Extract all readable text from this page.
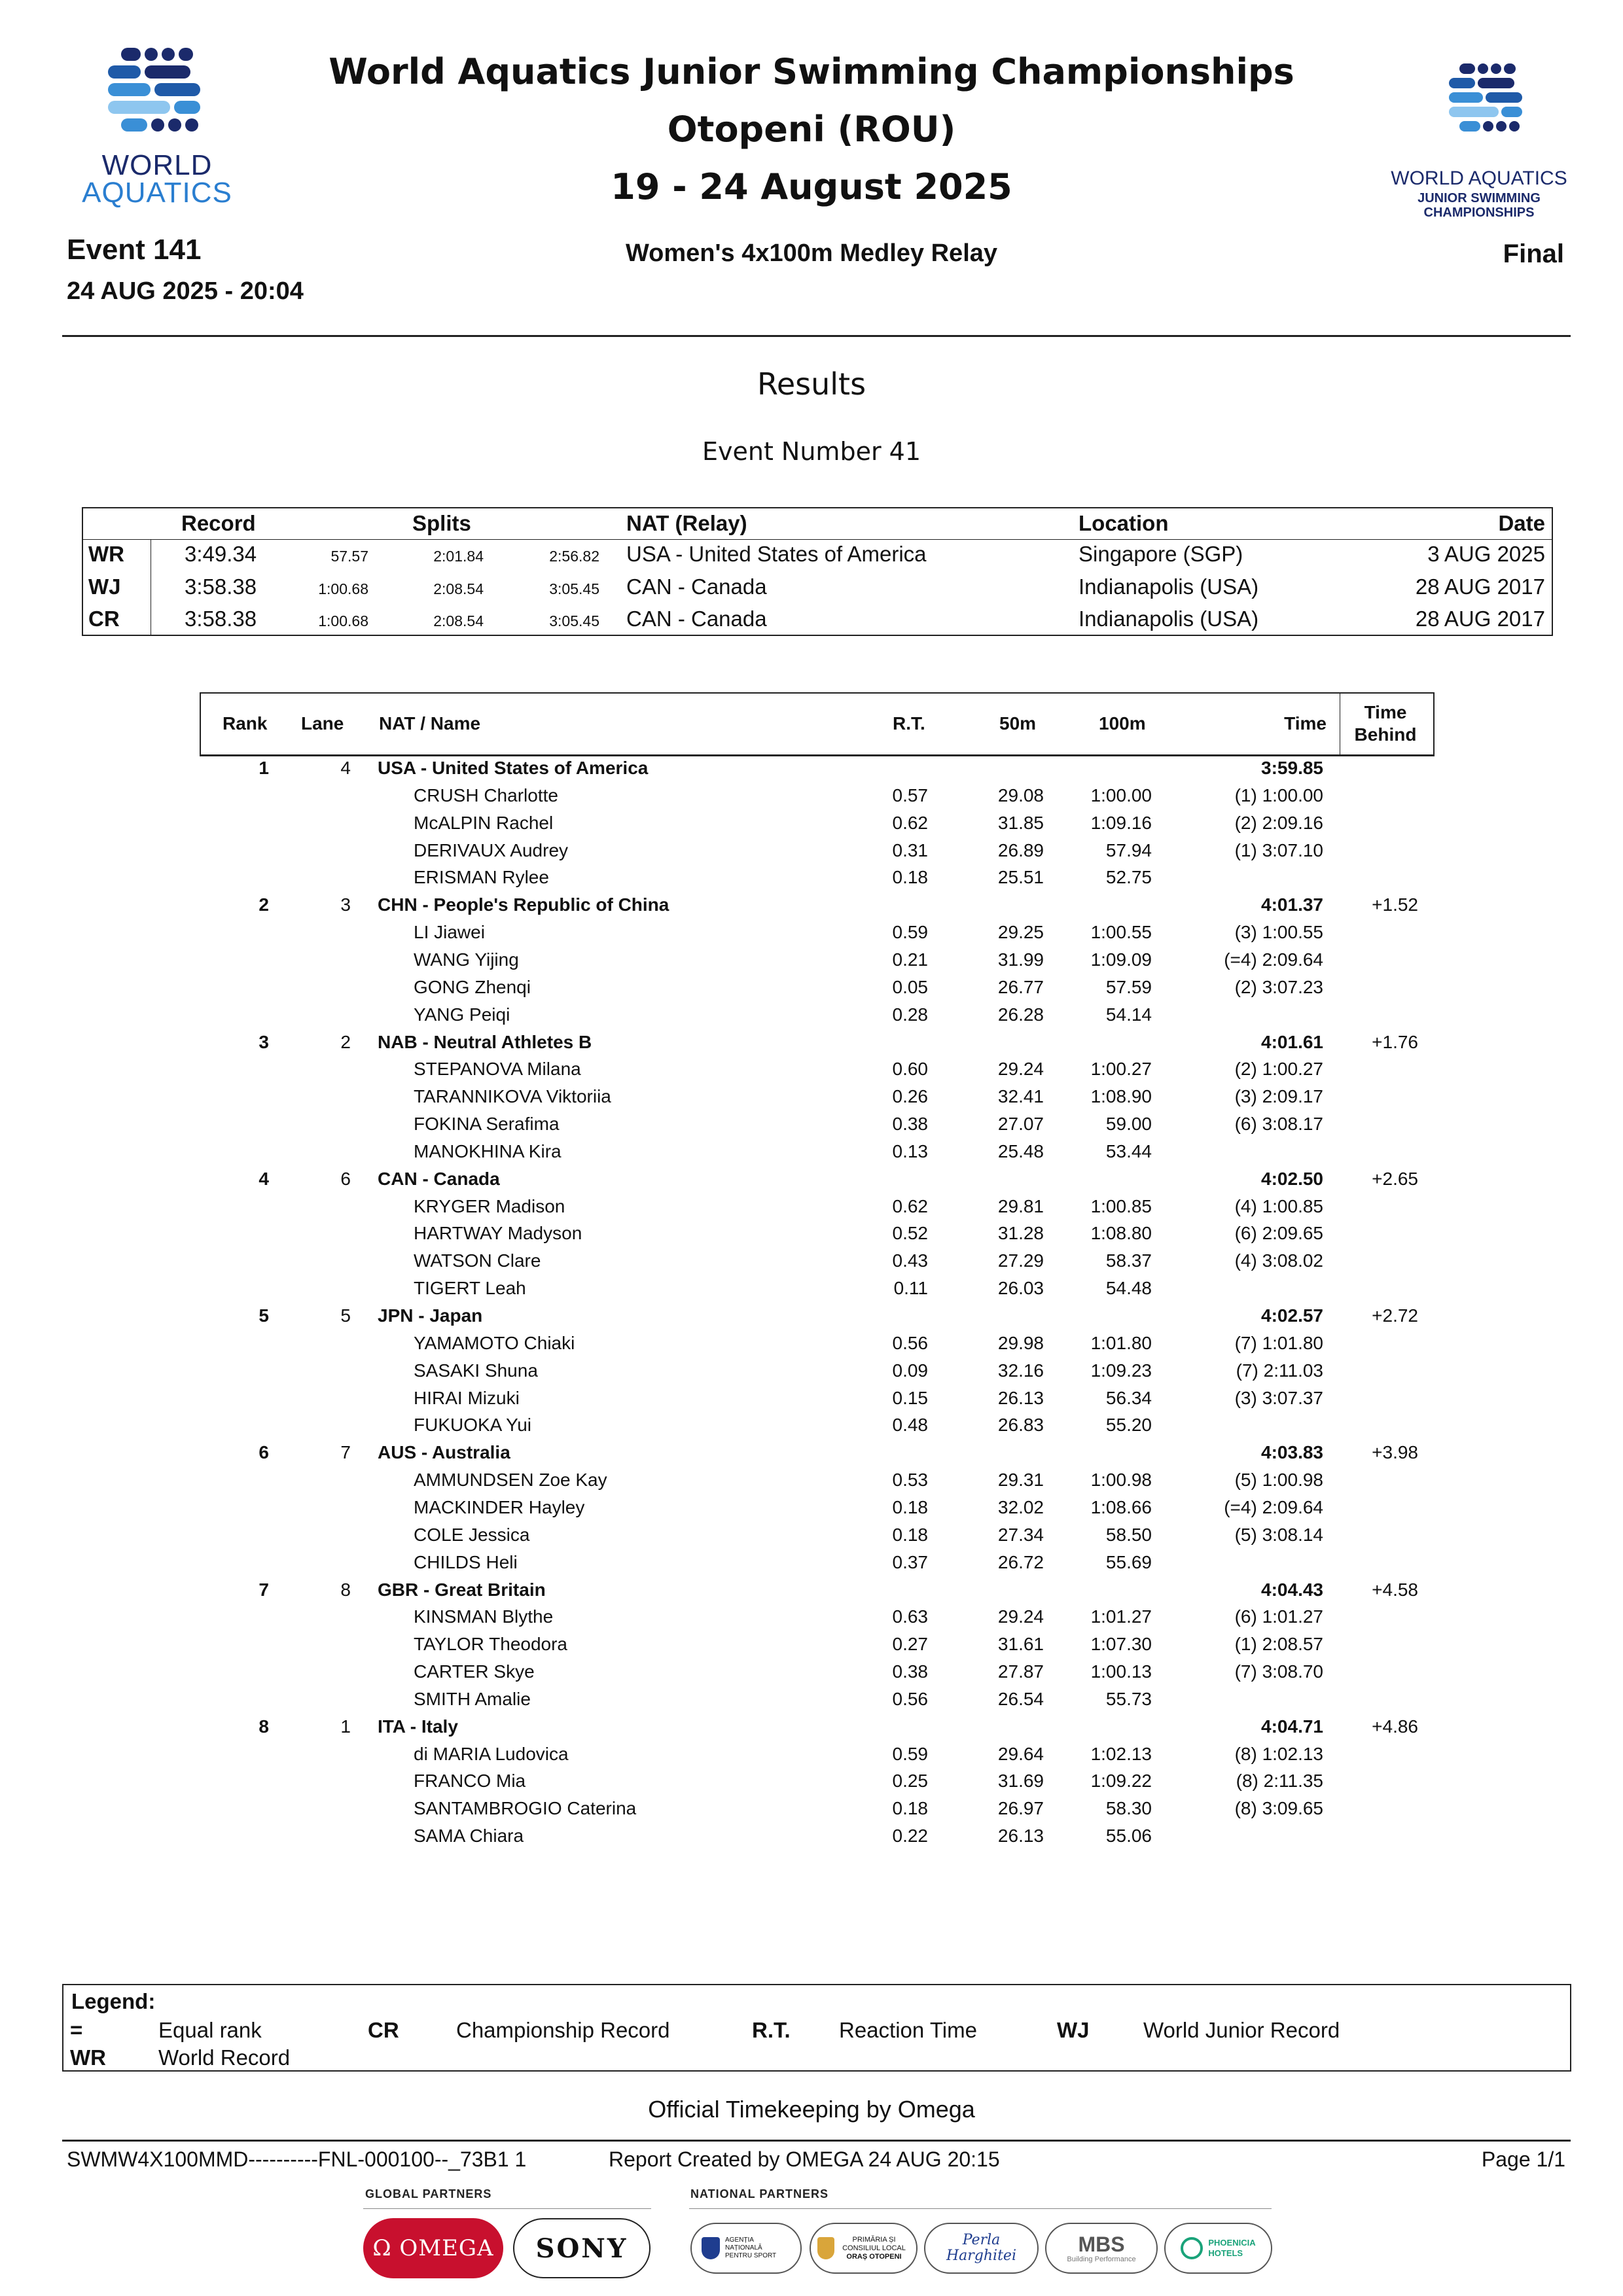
WORLD
AQUATICS	WORLD AQUATICS
JUNIOR SWIMMING
CHAMPIONSHIPS
World Aquatics Junior Swimming Championships
Otopeni (ROU)
19 - 24 August 2025
Event 141
24 AUG 2025 - 20:04
Women's 4x100m Medley Relay	Final
Results
Event Number 41
Record	Splits	NAT (Relay)	Location	Date
WR	3:49.34	57.57	2:01.84	2:56.82 USA - United States of America	Singapore (SGP)	3 AUG 2025
WJ	3:58.38	1:00.68	2:08.54	3:05.45 CAN - Canada	Indianapolis (USA)	28 AUG 2017
CR	3:58.38	1:00.68	2:08.54	3:05.45 CAN - Canada	Indianapolis (USA)	28 AUG 2017
Rank Lane NAT / Name	R.T.	50m	100m	Time
Time
Behind
1	4 USA - United States of America	3:59.85
CRUSH Charlotte	0.57	29.08	1:00.00	(1) 1:00.00
McALPIN Rachel	0.62	31.85	1:09.16	(2) 2:09.16
DERIVAUX Audrey	0.31	26.89	57.94	(1) 3:07.10
ERISMAN Rylee	0.18	25.51	52.75
2	3 CHN - People's Republic of China	4:01.37	+1.52
LI Jiawei	0.59	29.25	1:00.55	(3) 1:00.55
WANG Yijing	0.21	31.99	1:09.09	(=4) 2:09.64
GONG Zhenqi	0.05	26.77	57.59	(2) 3:07.23
YANG Peiqi	0.28	26.28	54.14
3	2 NAB - Neutral Athletes B	4:01.61	+1.76
STEPANOVA Milana	0.60	29.24	1:00.27	(2) 1:00.27
TARANNIKOVA Viktoriia	0.26	32.41	1:08.90	(3) 2:09.17
FOKINA Serafima	0.38	27.07	59.00	(6) 3:08.17
MANOKHINA Kira	0.13	25.48	53.44
4	6 CAN - Canada	4:02.50	+2.65
KRYGER Madison	0.62	29.81	1:00.85	(4) 1:00.85
HARTWAY Madyson	0.52	31.28	1:08.80	(6) 2:09.65
WATSON Clare	0.43	27.29	58.37	(4) 3:08.02
TIGERT Leah	0.11	26.03	54.48
5	5 JPN - Japan	4:02.57	+2.72
YAMAMOTO Chiaki	0.56	29.98	1:01.80	(7) 1:01.80
SASAKI Shuna	0.09	32.16	1:09.23	(7) 2:11.03
HIRAI Mizuki	0.15	26.13	56.34	(3) 3:07.37
FUKUOKA Yui	0.48	26.83	55.20
6	7 AUS - Australia	4:03.83	+3.98
AMMUNDSEN Zoe Kay	0.53	29.31	1:00.98	(5) 1:00.98
MACKINDER Hayley	0.18	32.02	1:08.66	(=4) 2:09.64
COLE Jessica	0.18	27.34	58.50	(5) 3:08.14
CHILDS Heli	0.37	26.72	55.69
7	8 GBR - Great Britain	4:04.43	+4.58
KINSMAN Blythe	0.63	29.24	1:01.27	(6) 1:01.27
TAYLOR Theodora	0.27	31.61	1:07.30	(1) 2:08.57
CARTER Skye	0.38	27.87	1:00.13	(7) 3:08.70
SMITH Amalie	0.56	26.54	55.73
8	1 ITA - Italy	4:04.71	+4.86
di MARIA Ludovica	0.59	29.64	1:02.13	(8) 1:02.13
FRANCO Mia	0.25	31.69	1:09.22	(8) 2:11.35
SANTAMBROGIO Caterina	0.18	26.97	58.30	(8) 3:09.65
SAMA Chiara	0.22	26.13	55.06
Legend:
=	Equal rank	CR	Championship Record	R.T. Reaction Time	WJ	World Junior Record
WR World Record
Official Timekeeping by Omega
SWMW4X100MMD----------FNL-000100--_73B1 1	Report Created by OMEGA 24 AUG 20:15	Page 1/1
GLOBAL PARTNERS	NATIONAL PARTNERS
Ω OMEGA SONY	AGENȚIA NAȚIONALĂ PENTRU SPORT
PRIMĂRIA ȘI
CONSILIUL LOCAL
ORAȘ OTOPENI
Perla
Harghitei	MBS
Building Performance
PHOENICIA
HOTELS
